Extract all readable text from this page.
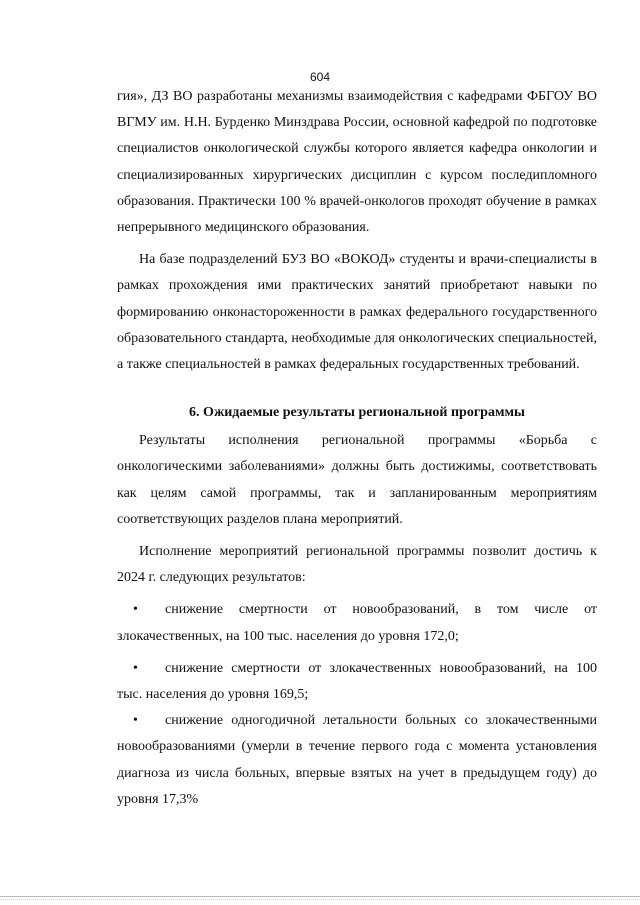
604

гия», ДЗ ВО разработаны механизмы взаимодействия с кафедрами ФБГОУ ВО ВГМУ им. Н.Н. Бурденко Минздрава России, основной кафедрой по подготовке специалистов онкологической службы которого является кафедра онкологии и специализированных хирургических дисциплин с курсом последипломного образования. Практически 100 % врачей-онкологов проходят обучение в рамках непрерывного медицинского образования.

На базе подразделений БУЗ ВО «ВОКОД» студенты и врачи-специалисты в рамках прохождения ими практических занятий приобретают навыки по формированию онконастороженности в рамках федерального государственного образовательного стандарта, необходимые для онкологических специальностей, а также специальностей в рамках федеральных государственных требований.

6. Ожидаемые результаты региональной программы

Результаты исполнения региональной программы «Борьба с онкологическими заболеваниями» должны быть достижимы, соответствовать как целям самой программы, так и запланированным мероприятиям соответствующих разделов плана мероприятий.

Исполнение мероприятий региональной программы позволит достичь к 2024 г. следующих результатов:

• снижение смертности от новообразований, в том числе от злокачественных, на 100 тыс. населения до уровня 172,0;

• снижение смертности от злокачественных новообразований, на 100 тыс. населения до уровня 169,5;

• снижение одногодичной летальности больных со злокачественными новообразованиями (умерли в течение первого года с момента установления диагноза из числа больных, впервые взятых на учет в предыдущем году) до уровня 17,3%
